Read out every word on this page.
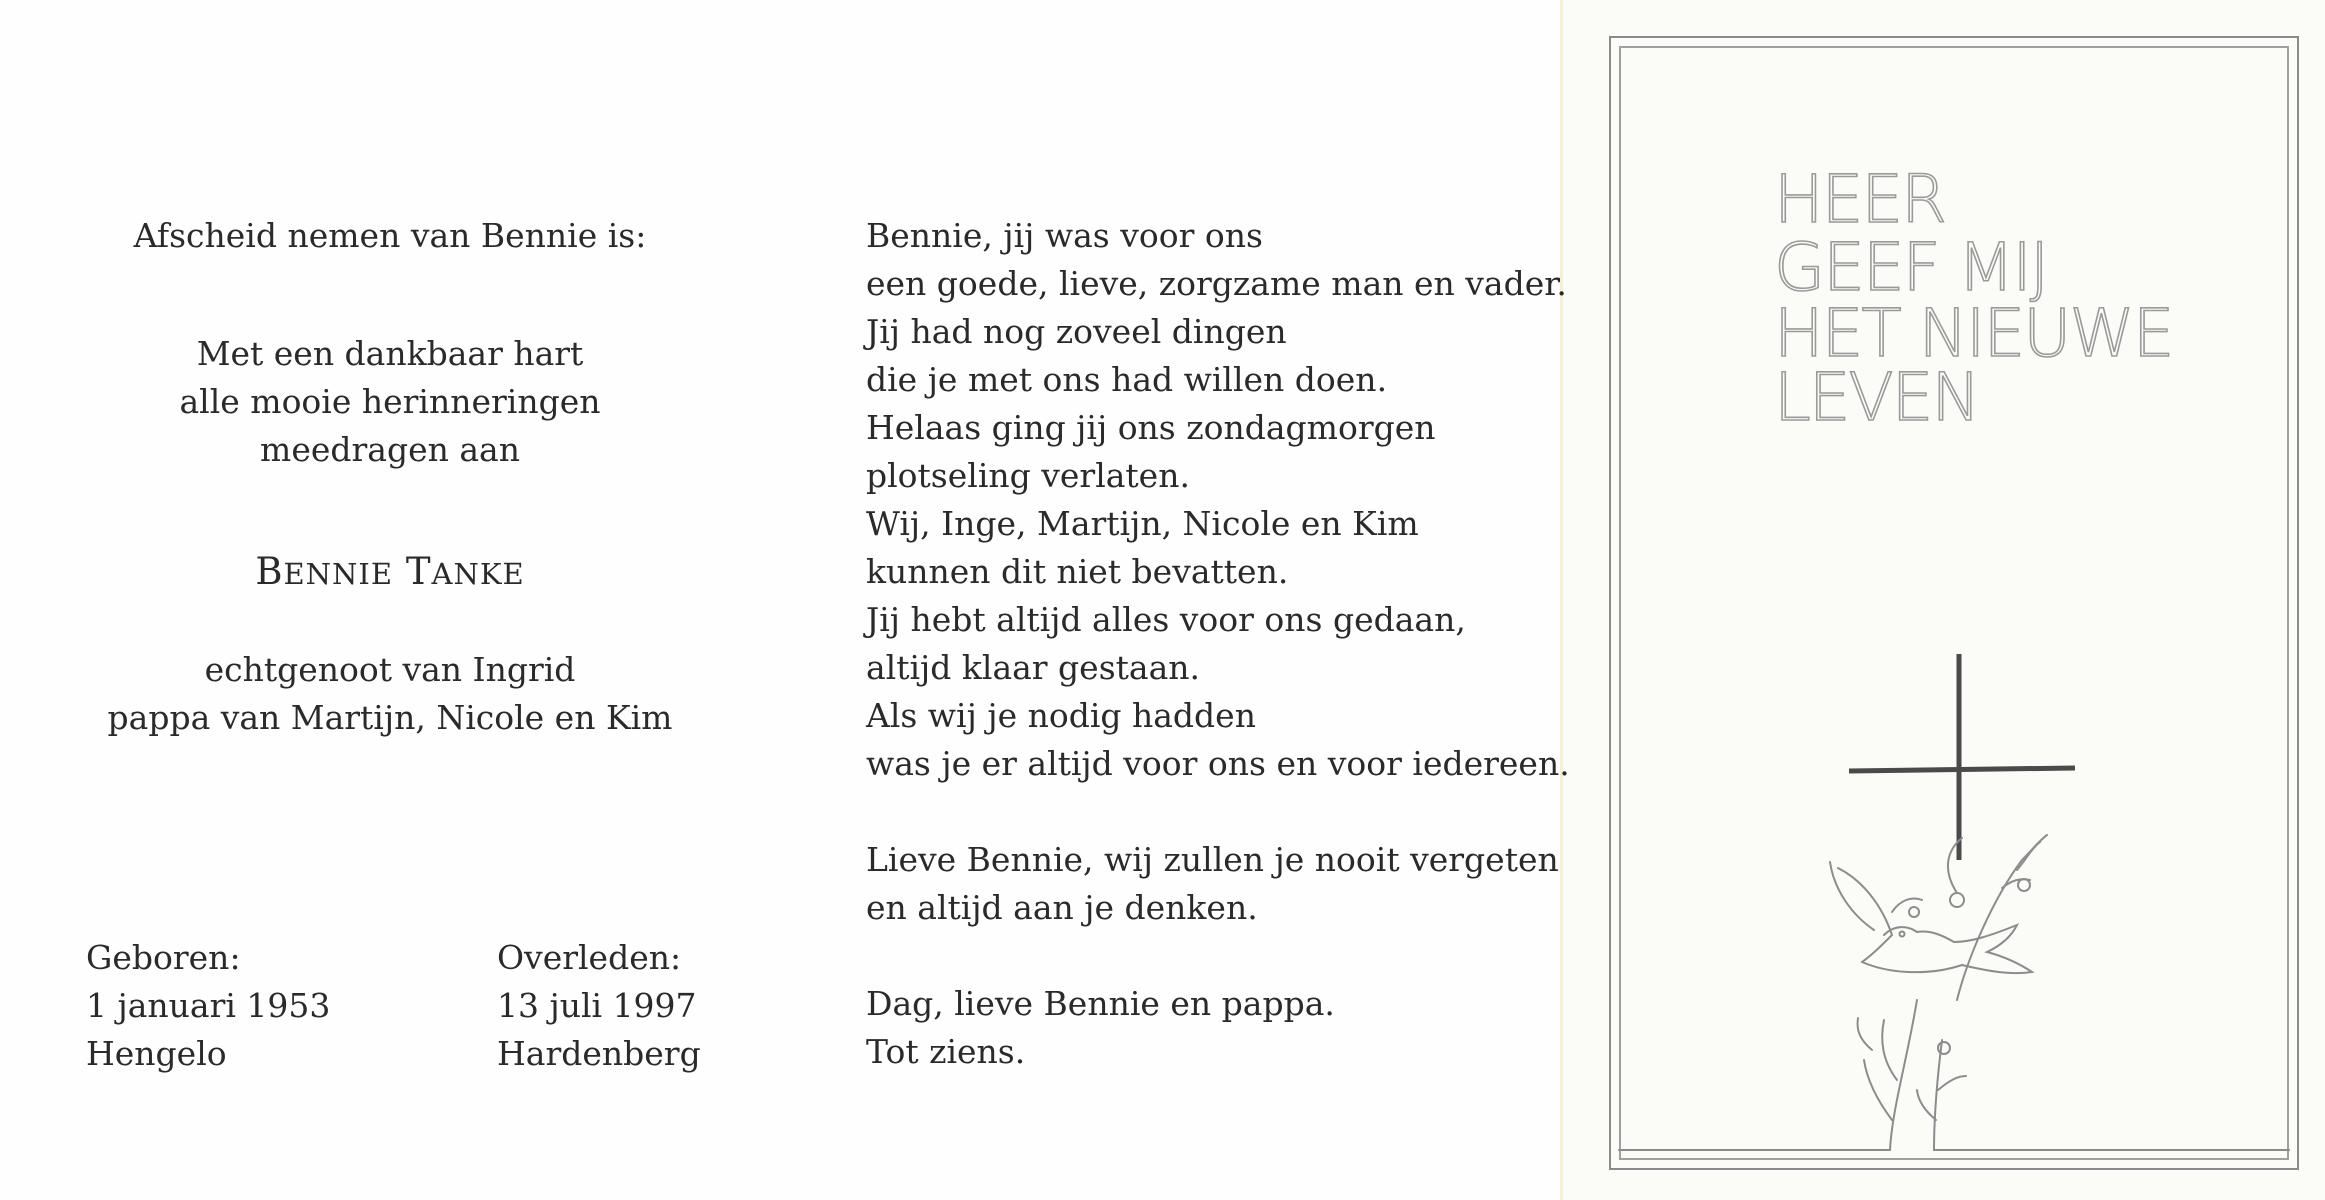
Afscheid nemen van Bennie is:
Met een dankbaar hart
alle mooie herinneringen
meedragen aan
BENNIE TANKE
echtgenoot van Ingrid
pappa van Martijn, Nicole en Kim
Geboren:
1 januari 1953
Hengelo
Overleden:
13 juli 1997
Hardenberg
Bennie, jij was voor ons
een goede, lieve, zorgzame man en vader.
Jij had nog zoveel dingen
die je met ons had willen doen.
Helaas ging jij ons zondagmorgen
plotseling verlaten.
Wij, Inge, Martijn, Nicole en Kim
kunnen dit niet bevatten.
Jij hebt altijd alles voor ons gedaan,
altijd klaar gestaan.
Als wij je nodig hadden
was je er altijd voor ons en voor iedereen.
Lieve Bennie, wij zullen je nooit vergeten
en altijd aan je denken.
Dag, lieve Bennie en pappa.
Tot ziens.
HEER
GEEF MIJ
HET NIEUWE
LEVEN
